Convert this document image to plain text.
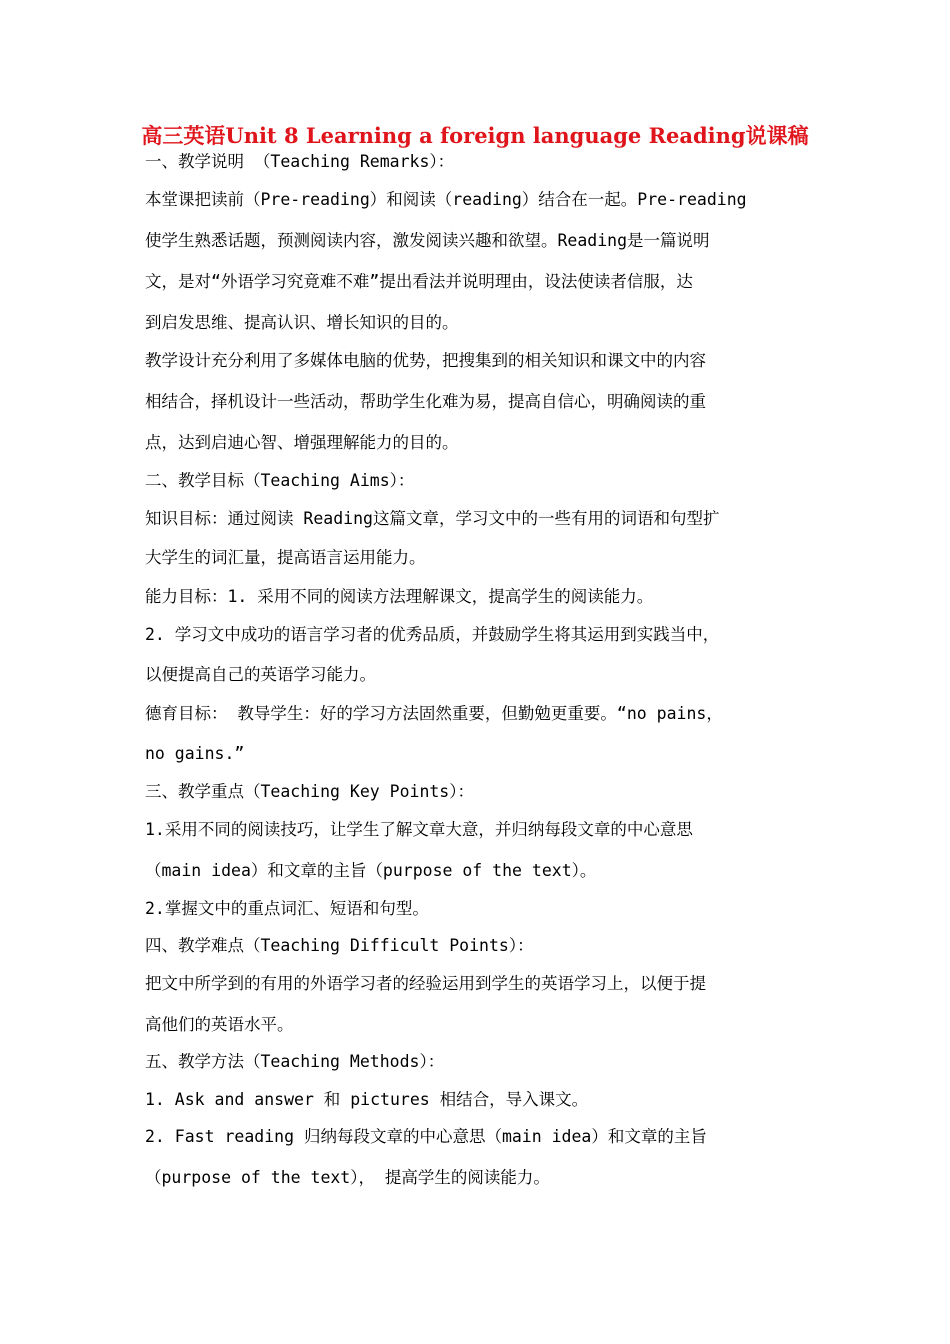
高三英语Unit 8 Learning a foreign language Reading说课稿
一、教学说明 （Teaching Remarks）：
本堂课把读前（Pre-reading）和阅读（reading）结合在一起。Pre-reading
使学生熟悉话题，预测阅读内容，激发阅读兴趣和欲望。Reading是一篇说明
文，是对“外语学习究竟难不难”提出看法并说明理由，设法使读者信服，达
到启发思维、提高认识、增长知识的目的。
教学设计充分利用了多媒体电脑的优势，把搜集到的相关知识和课文中的内容
相结合，择机设计一些活动，帮助学生化难为易，提高自信心，明确阅读的重
点，达到启迪心智、增强理解能力的目的。
二、教学目标（Teaching Aims）：
知识目标：通过阅读 Reading这篇文章，学习文中的一些有用的词语和句型扩
大学生的词汇量，提高语言运用能力。
能力目标：1. 采用不同的阅读方法理解课文，提高学生的阅读能力。
2. 学习文中成功的语言学习者的优秀品质，并鼓励学生将其运用到实践当中，
以便提高自己的英语学习能力。
德育目标： 教导学生：好的学习方法固然重要，但勤勉更重要。“no pains，
no gains.”
三、教学重点（Teaching Key Points）：
1.采用不同的阅读技巧，让学生了解文章大意，并归纳每段文章的中心意思
（main idea）和文章的主旨（purpose of the text）。
2.掌握文中的重点词汇、短语和句型。
四、教学难点（Teaching Difficult Points）：
把文中所学到的有用的外语学习者的经验运用到学生的英语学习上，以便于提
高他们的英语水平。
五、教学方法（Teaching Methods）：
1. Ask and answer 和 pictures 相结合，导入课文。
2. Fast reading 归纳每段文章的中心意思（main idea）和文章的主旨
（purpose of the text）， 提高学生的阅读能力。
